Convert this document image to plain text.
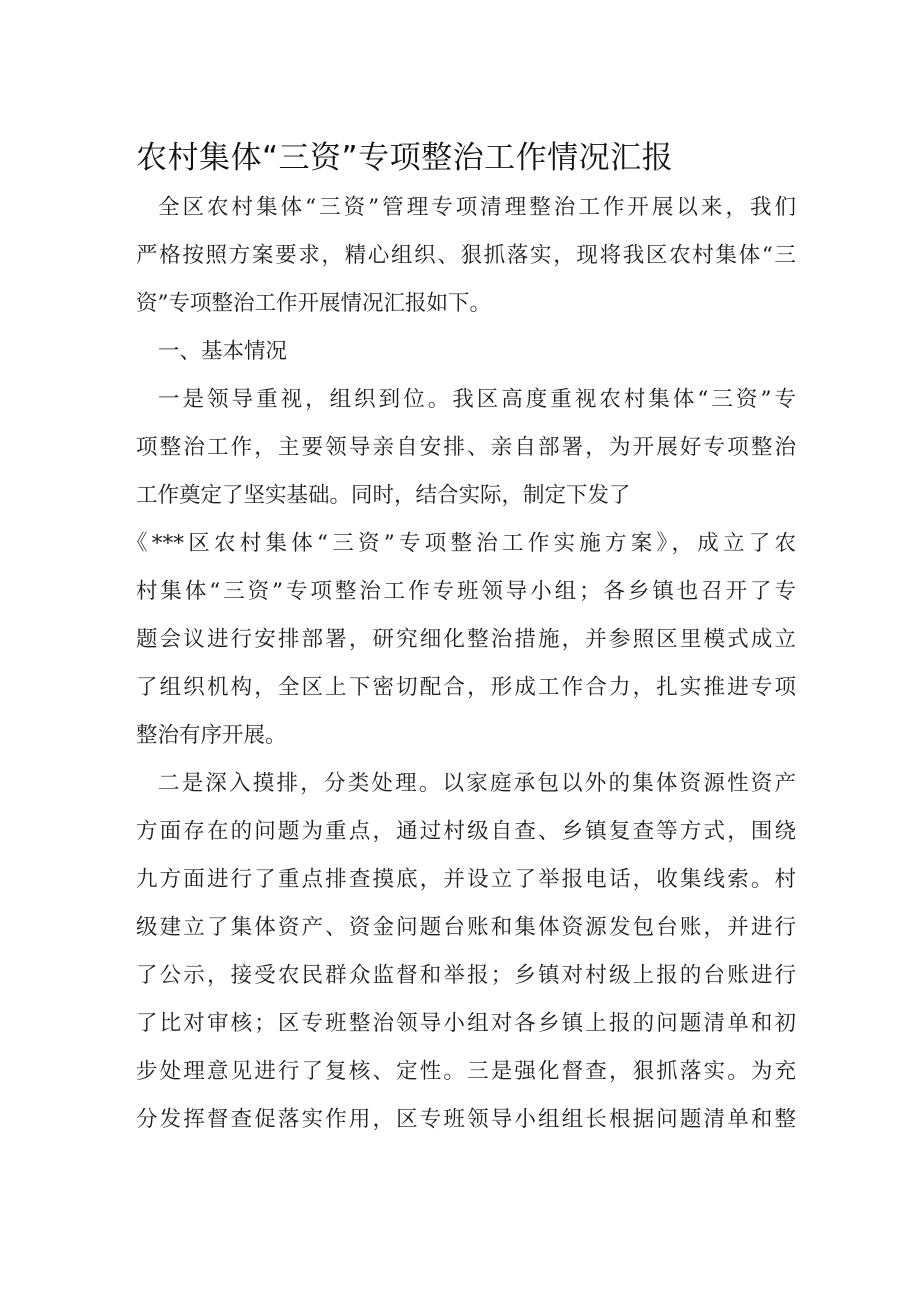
农村集体“三资”专项整治工作情况汇报
全区农村集体“三资”管理专项清理整治工作开展以来，我们
严格按照方案要求，精心组织、狠抓落实，现将我区农村集体“三
资”专项整治工作开展情况汇报如下。
一、基本情况
一是领导重视，组织到位。我区高度重视农村集体“三资”专
项整治工作，主要领导亲自安排、亲自部署，为开展好专项整治
工作奠定了坚实基础。同时，结合实际，制定下发了
《***区农村集体“三资”专项整治工作实施方案》，成立了农
村集体“三资”专项整治工作专班领导小组；各乡镇也召开了专
题会议进行安排部署，研究细化整治措施，并参照区里模式成立
了组织机构，全区上下密切配合，形成工作合力，扎实推进专项
整治有序开展。
二是深入摸排，分类处理。以家庭承包以外的集体资源性资产
方面存在的问题为重点，通过村级自查、乡镇复查等方式，围绕
九方面进行了重点排查摸底，并设立了举报电话，收集线索。村
级建立了集体资产、资金问题台账和集体资源发包台账，并进行
了公示，接受农民群众监督和举报；乡镇对村级上报的台账进行
了比对审核；区专班整治领导小组对各乡镇上报的问题清单和初
步处理意见进行了复核、定性。三是强化督查，狠抓落实。为充
分发挥督查促落实作用，区专班领导小组组长根据问题清单和整
